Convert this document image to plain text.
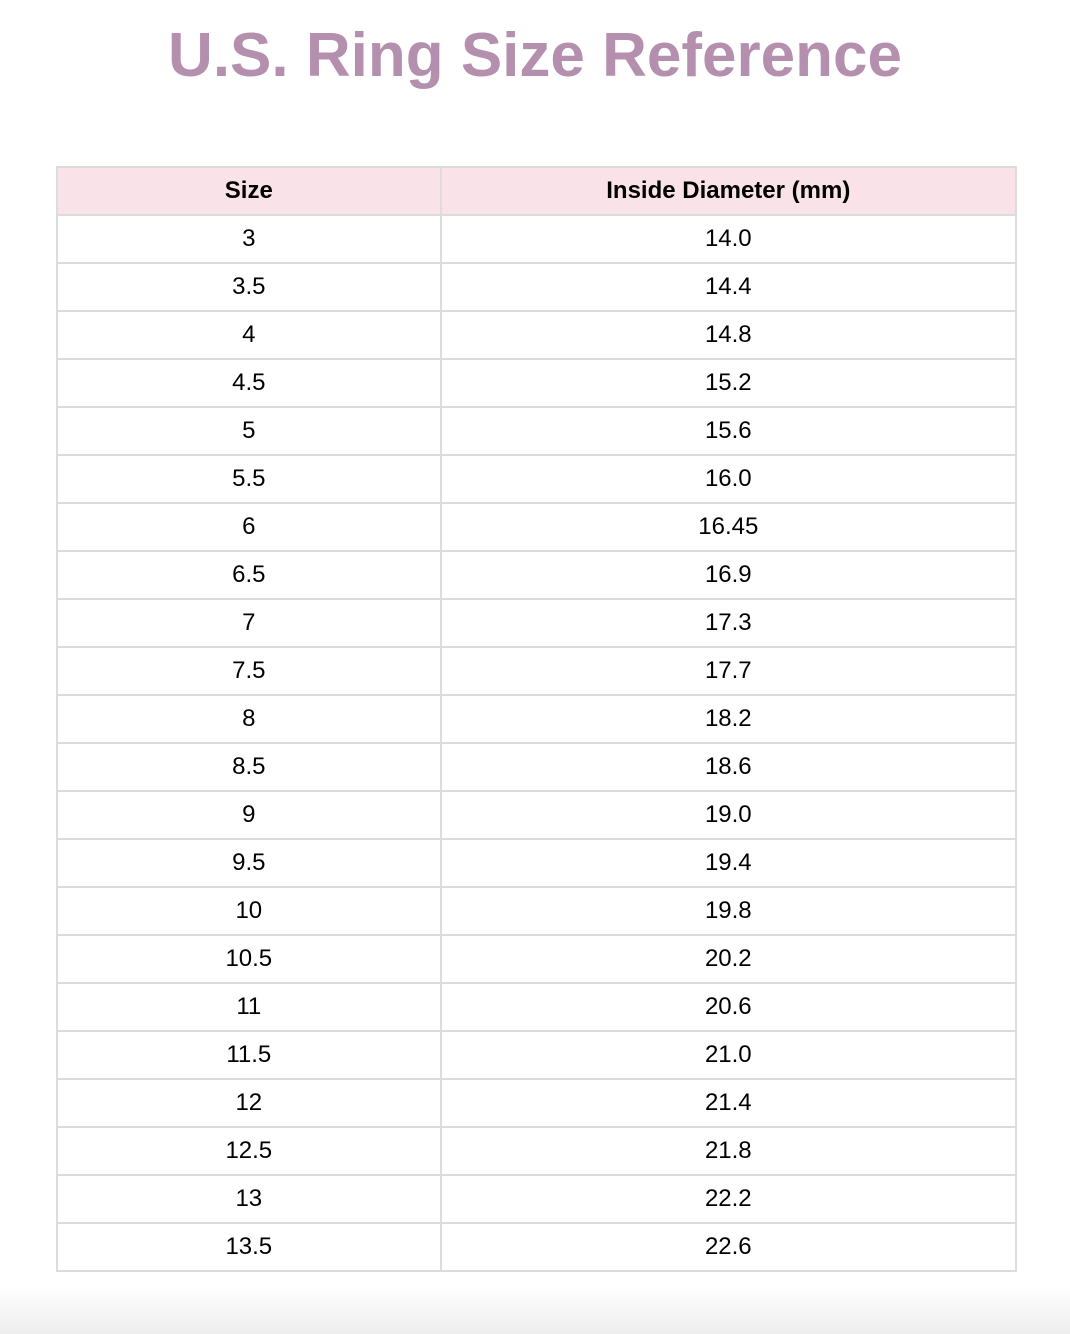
U.S. Ring Size Reference
Size	Inside Diameter (mm)
3	14.0
3.5	14.4
4	14.8
4.5	15.2
5	15.6
5.5	16.0
6	16.45
6.5	16.9
7	17.3
7.5	17.7
8	18.2
8.5	18.6
9	19.0
9.5	19.4
10	19.8
10.5	20.2
11	20.6
11.5	21.0
12	21.4
12.5	21.8
13	22.2
13.5	22.6
